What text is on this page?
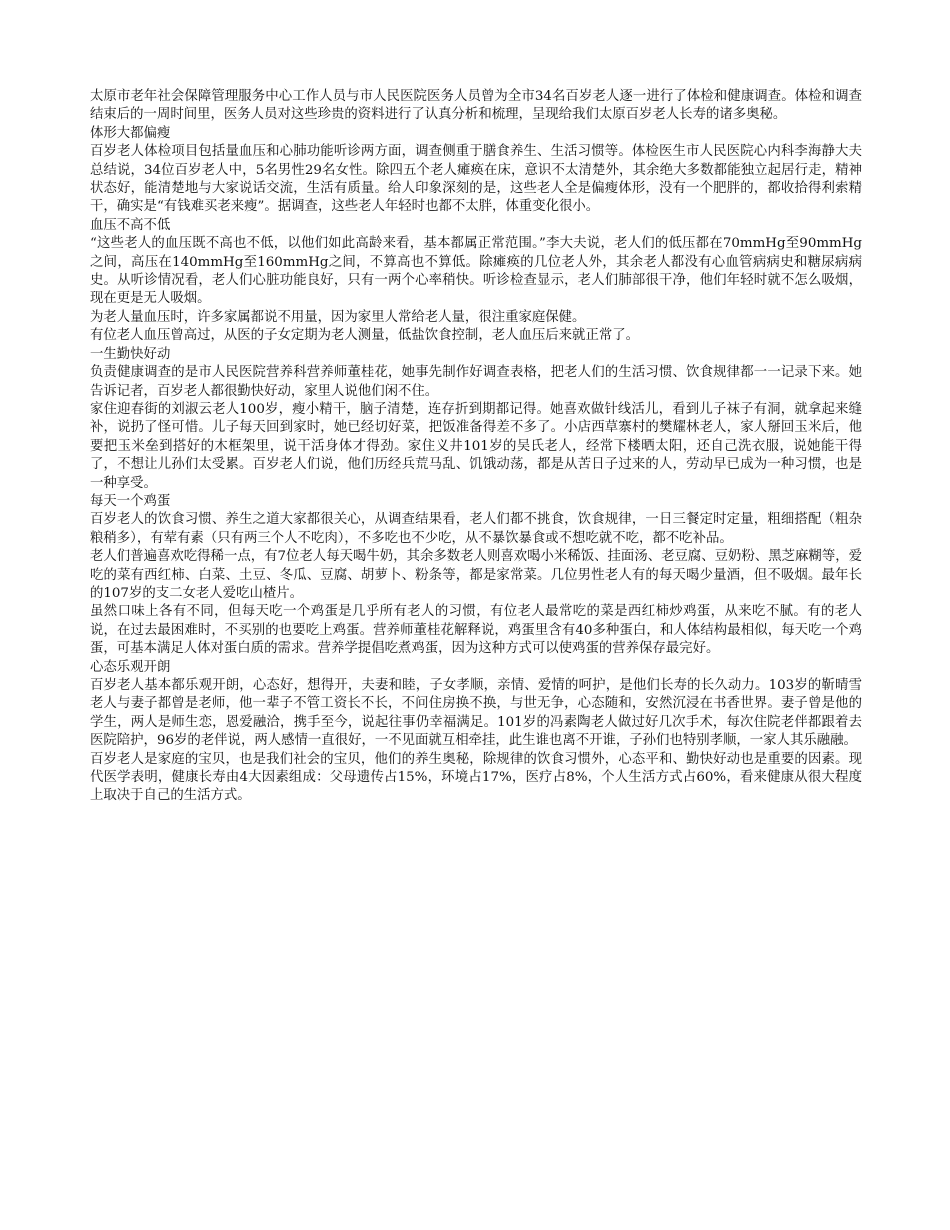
太原市老年社会保障管理服务中心工作人员与市人民医院医务人员曾为全市34名百岁老人逐一进行了体检和健康调查。体检和调查结束后的一周时间里，医务人员对这些珍贵的资料进行了认真分析和梳理，呈现给我们太原百岁老人长寿的诸多奥秘。

体形大都偏瘦

百岁老人体检项目包括量血压和心肺功能听诊两方面，调查侧重于膳食养生、生活习惯等。体检医生市人民医院心内科李海静大夫总结说，34位百岁老人中，5名男性29名女性。除四五个老人瘫痪在床，意识不太清楚外，其余绝大多数都能独立起居行走，精神状态好，能清楚地与大家说话交流，生活有质量。给人印象深刻的是，这些老人全是偏瘦体形，没有一个肥胖的，都收拾得利索精干，确实是“有钱难买老来瘦”。据调查，这些老人年轻时也都不太胖，体重变化很小。

血压不高不低

“这些老人的血压既不高也不低，以他们如此高龄来看，基本都属正常范围。”李大夫说，老人们的低压都在70mmHg至90mmHg之间，高压在140mmHg至160mmHg之间，不算高也不算低。除瘫痪的几位老人外，其余老人都没有心血管病病史和糖尿病病史。从听诊情况看，老人们心脏功能良好，只有一两个心率稍快。听诊检查显示，老人们肺部很干净，他们年轻时就不怎么吸烟，现在更是无人吸烟。

为老人量血压时，许多家属都说不用量，因为家里人常给老人量，很注重家庭保健。

有位老人血压曾高过，从医的子女定期为老人测量，低盐饮食控制，老人血压后来就正常了。

一生勤快好动

负责健康调查的是市人民医院营养科营养师董桂花，她事先制作好调查表格，把老人们的生活习惯、饮食规律都一一记录下来。她告诉记者，百岁老人都很勤快好动，家里人说他们闲不住。

家住迎春街的刘淑云老人100岁，瘦小精干，脑子清楚，连存折到期都记得。她喜欢做针线活儿，看到儿子袜子有洞，就拿起来缝补，说扔了怪可惜。儿子每天回到家时，她已经切好菜，把饭准备得差不多了。小店西草寨村的樊耀林老人，家人掰回玉米后，他要把玉米垒到搭好的木框架里，说干活身体才得劲。家住义井101岁的吴氏老人，经常下楼晒太阳，还自己洗衣服，说她能干得了，不想让儿孙们太受累。百岁老人们说，他们历经兵荒马乱、饥饿动荡，都是从苦日子过来的人，劳动早已成为一种习惯，也是一种享受。

每天一个鸡蛋

百岁老人的饮食习惯、养生之道大家都很关心，从调查结果看，老人们都不挑食，饮食规律，一日三餐定时定量，粗细搭配（粗杂粮稍多），有荤有素（只有两三个人不吃肉），不多吃也不少吃，从不暴饮暴食或不想吃就不吃，都不吃补品。

老人们普遍喜欢吃得稀一点，有7位老人每天喝牛奶，其余多数老人则喜欢喝小米稀饭、挂面汤、老豆腐、豆奶粉、黑芝麻糊等，爱吃的菜有西红柿、白菜、土豆、冬瓜、豆腐、胡萝卜、粉条等，都是家常菜。几位男性老人有的每天喝少量酒，但不吸烟。最年长的107岁的支二女老人爱吃山楂片。

虽然口味上各有不同，但每天吃一个鸡蛋是几乎所有老人的习惯，有位老人最常吃的菜是西红柿炒鸡蛋，从来吃不腻。有的老人说，在过去最困难时，不买别的也要吃上鸡蛋。营养师董桂花解释说，鸡蛋里含有40多种蛋白，和人体结构最相似，每天吃一个鸡蛋，可基本满足人体对蛋白质的需求。营养学提倡吃煮鸡蛋，因为这种方式可以使鸡蛋的营养保存最完好。

心态乐观开朗

百岁老人基本都乐观开朗，心态好，想得开，夫妻和睦，子女孝顺，亲情、爱情的呵护，是他们长寿的长久动力。103岁的靳晴雪老人与妻子都曾是老师，他一辈子不管工资长不长，不问住房换不换，与世无争，心态随和，安然沉浸在书香世界。妻子曾是他的学生，两人是师生恋，恩爱融洽，携手至今，说起往事仍幸福满足。101岁的冯素陶老人做过好几次手术，每次住院老伴都跟着去医院陪护，96岁的老伴说，两人感情一直很好，一不见面就互相牵挂，此生谁也离不开谁，子孙们也特别孝顺，一家人其乐融融。

百岁老人是家庭的宝贝，也是我们社会的宝贝，他们的养生奥秘，除规律的饮食习惯外，心态平和、勤快好动也是重要的因素。现代医学表明，健康长寿由4大因素组成：父母遗传占15%，环境占17%，医疗占8%，个人生活方式占60%，看来健康从很大程度上取决于自己的生活方式。
